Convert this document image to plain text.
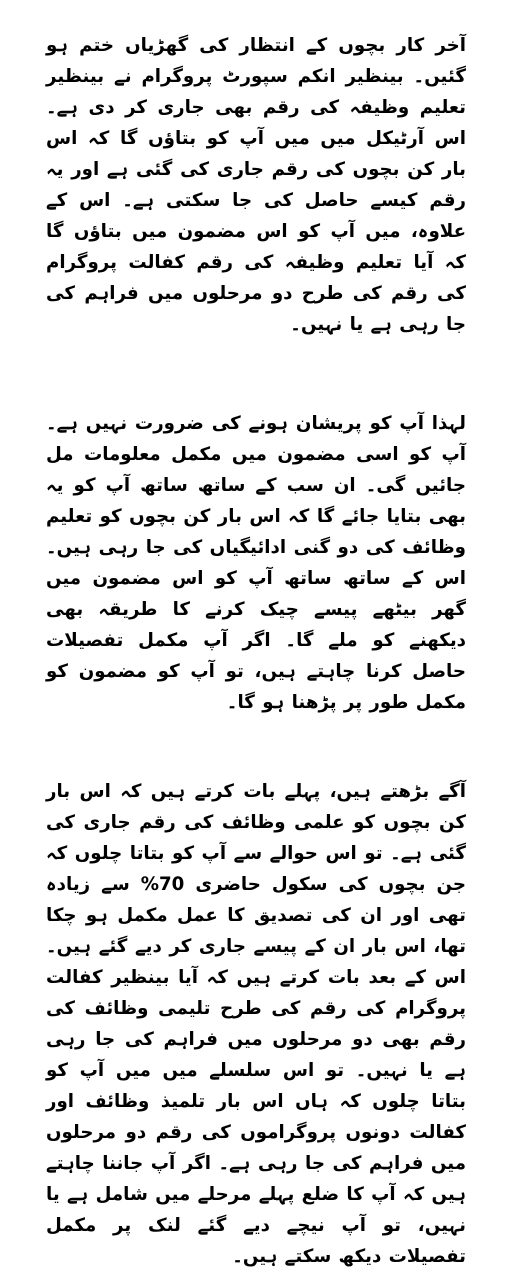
آخر کار بچوں کے انتظار کی گھڑیاں ختم ہو گئیں۔ بینظیر انکم سپورٹ پروگرام نے بینظیر تعلیم وظیفہ کی رقم بھی جاری کر دی ہے۔ اس آرٹیکل میں میں آپ کو بتاؤں گا کہ اس بار کن بچوں کی رقم جاری کی گئی ہے اور یہ رقم کیسے حاصل کی جا سکتی ہے۔ اس کے علاوہ، میں آپ کو اس مضمون میں بتاؤں گا کہ آیا تعلیم وظیفہ کی رقم کفالت پروگرام کی رقم کی طرح دو مرحلوں میں فراہم کی جا رہی ہے یا نہیں۔

لہذا آپ کو پریشان ہونے کی ضرورت نہیں ہے۔ آپ کو اسی مضمون میں مکمل معلومات مل جائیں گی۔ ان سب کے ساتھ ساتھ آپ کو یہ بھی بتایا جائے گا کہ اس بار کن بچوں کو تعلیم وظائف کی دو گنی ادائیگیاں کی جا رہی ہیں۔ اس کے ساتھ ساتھ آپ کو اس مضمون میں گھر بیٹھے پیسے چیک کرنے کا طریقہ بھی دیکھنے کو ملے گا۔ اگر آپ مکمل تفصیلات حاصل کرنا چاہتے ہیں، تو آپ کو مضمون کو مکمل طور پر پڑھنا ہو گا۔

آگے بڑھتے ہیں، پہلے بات کرتے ہیں کہ اس بار کن بچوں کو علمی وظائف کی رقم جاری کی گئی ہے۔ تو اس حوالے سے آپ کو بتاتا چلوں کہ جن بچوں کی سکول حاضری 70% سے زیادہ تھی اور ان کی تصدیق کا عمل مکمل ہو چکا تھا، اس بار ان کے پیسے جاری کر دیے گئے ہیں۔ اس کے بعد بات کرتے ہیں کہ آیا بینظیر کفالت پروگرام کی رقم کی طرح تلیمی وظائف کی رقم بھی دو مرحلوں میں فراہم کی جا رہی ہے یا نہیں۔ تو اس سلسلے میں میں آپ کو بتاتا چلوں کہ ہاں اس بار تلمیذ وظائف اور کفالت دونوں پروگراموں کی رقم دو مرحلوں میں فراہم کی جا رہی ہے۔ اگر آپ جاننا چاہتے ہیں کہ آپ کا ضلع پہلے مرحلے میں شامل ہے یا نہیں، تو آپ نیچے دیے گئے لنک پر مکمل تفصیلات دیکھ سکتے ہیں۔
